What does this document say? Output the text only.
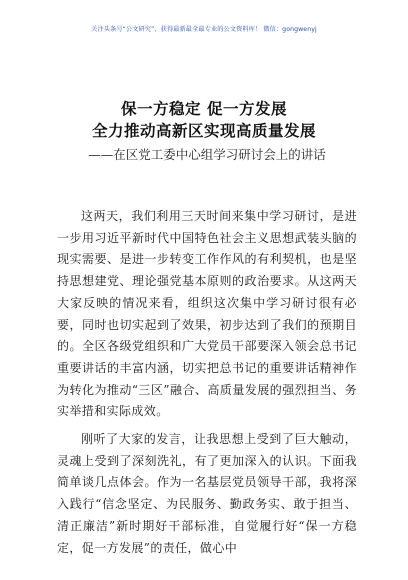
关注头条号“公文研究”，获得最新最全最专业的公文资料库！ 微信：gongwenyj
保一方稳定 促一方发展
全力推动高新区实现高质量发展
——在区党工委中心组学习研讨会上的讲话

这两天，我们利用三天时间来集中学习研讨，是进一步用习近平新时代中国特色社会主义思想武装头脑的现实需要、是进一步转变工作作风的有利契机，也是坚持思想建党、理论强党基本原则的政治要求。从这两天大家反映的情况来看，组织这次集中学习研讨很有必要，同时也切实起到了效果，初步达到了我们的预期目的。全区各级党组织和广大党员干部要深入领会总书记重要讲话的丰富内涵，切实把总书记的重要讲话精神作为转化为推动“三区”融合、高质量发展的强烈担当、务实举措和实际成效。

刚听了大家的发言，让我思想上受到了巨大触动，灵魂上受到了深刻洗礼，有了更加深入的认识。下面我简单谈几点体会。作为一名基层党员领导干部，我将深入践行“信念坚定、为民服务、勤政务实、敢于担当、清正廉洁”新时期好干部标准，自觉履行好“保一方稳定，促一方发展”的责任，做心中
